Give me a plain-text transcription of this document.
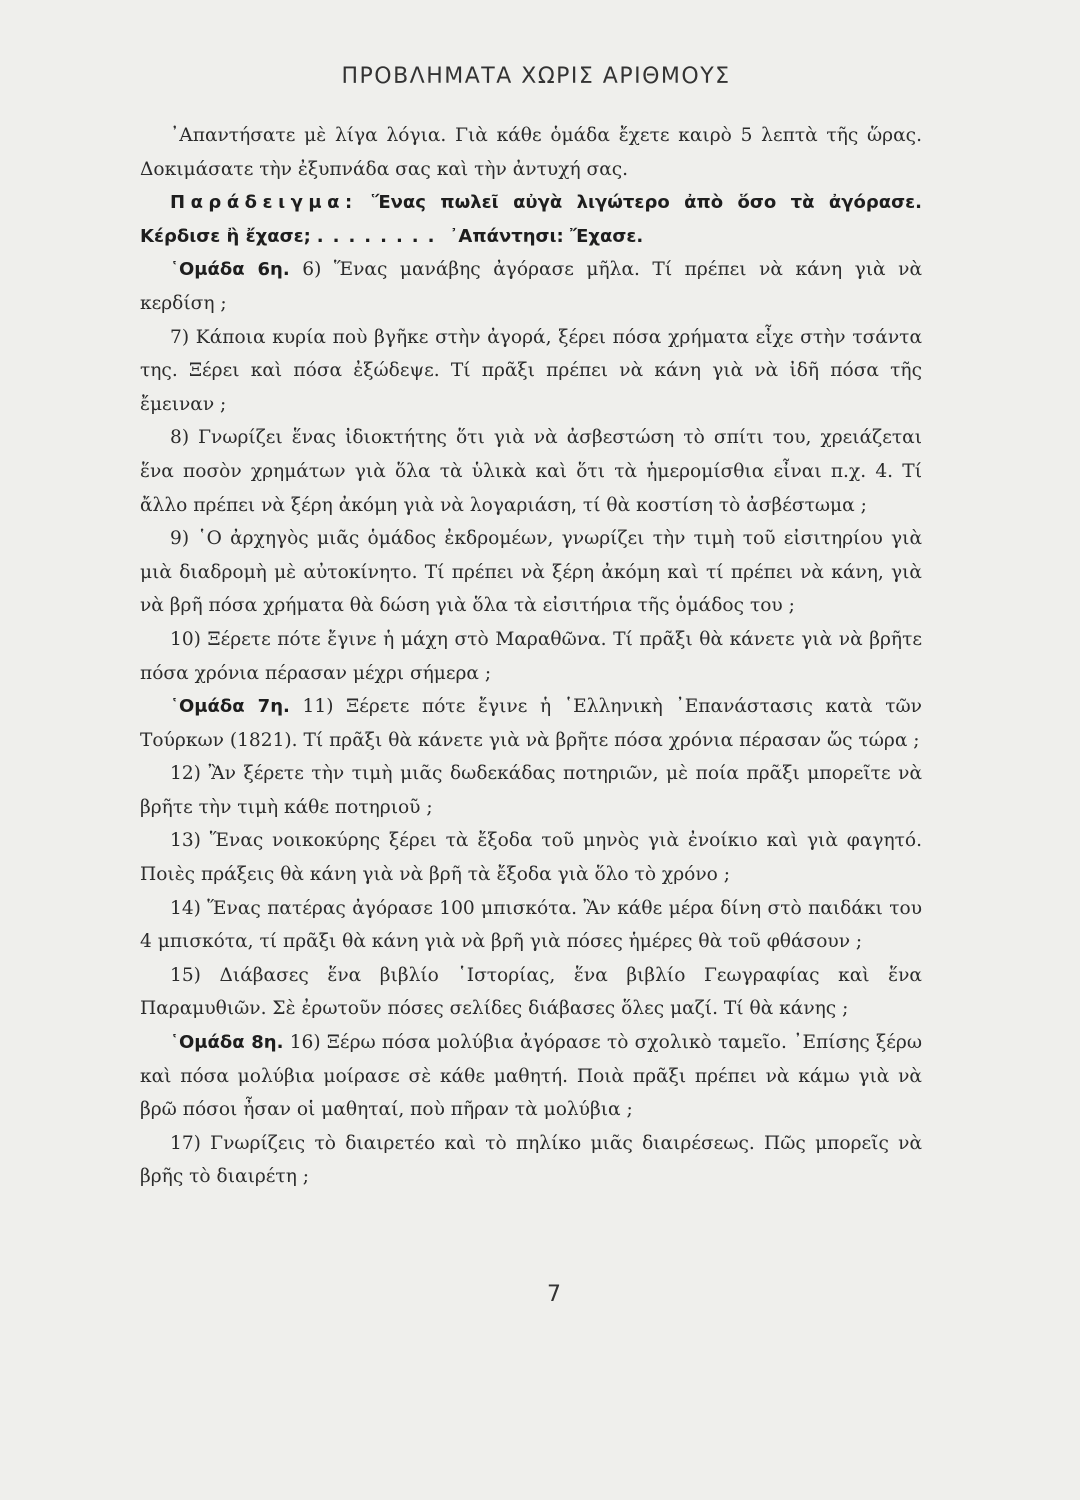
ΠΡΟΒΛΗΜΑΤΑ ΧΩΡΙΣ ΑΡΙΘΜΟΥΣ

᾽Απαντήσατε μὲ λίγα λόγια. Γιὰ κάθε ὁμάδα ἔχετε καιρὸ 5 λεπτὰ τῆς ὥρας. Δοκιμάσατε τὴν ἐξυπνάδα σας καὶ τὴν ἀντυχή σας.

Παράδειγμα: Ἕνας πωλεῖ αὐγὰ λιγώτερο ἀπὸ ὅσο τὰ ἀγόρασε. Κέρδισε ἢ ἔχασε; ........ ᾽Απάντησι: Ἔχασε.

῾Ομάδα 6η. 6) Ἕνας μανάβης ἀγόρασε μῆλα. Τί πρέπει νὰ κάνη γιὰ νὰ κερδίση ;

7) Κάποια κυρία ποὺ βγῆκε στὴν ἀγορά, ξέρει πόσα χρήματα εἶχε στὴν τσάντα της. Ξέρει καὶ πόσα ἐξώδεψε. Τί πρᾶξι πρέπει νὰ κάνη γιὰ νὰ ἰδῆ πόσα τῆς ἔμειναν ;

8) Γνωρίζει ἕνας ἰδιοκτήτης ὅτι γιὰ νὰ ἀσβεστώση τὸ σπίτι του, χρειάζεται ἕνα ποσὸν χρημάτων γιὰ ὅλα τὰ ὑλικὰ καὶ ὅτι τὰ ἡμερομίσθια εἶναι π.χ. 4. Τί ἄλλο πρέπει νὰ ξέρη ἀκόμη γιὰ νὰ λογαριάση, τί θὰ κοστίση τὸ ἀσβέστωμα ;

9) ῾Ο ἀρχηγὸς μιᾶς ὁμάδος ἐκδρομέων, γνωρίζει τὴν τιμὴ τοῦ εἰσιτηρίου γιὰ μιὰ διαδρομὴ μὲ αὐτοκίνητο. Τί πρέπει νὰ ξέρη ἀκόμη καὶ τί πρέπει νὰ κάνη, γιὰ νὰ βρῆ πόσα χρήματα θὰ δώση γιὰ ὅλα τὰ εἰσιτήρια τῆς ὁμάδος του ;

10) Ξέρετε πότε ἔγινε ἡ μάχη στὸ Μαραθῶνα. Τί πρᾶξι θὰ κάνετε γιὰ νὰ βρῆτε πόσα χρόνια πέρασαν μέχρι σήμερα ;

῾Ομάδα 7η. 11) Ξέρετε πότε ἔγινε ἡ ῾Ελληνικὴ ᾽Επανάστασις κατὰ τῶν Τούρκων (1821). Τί πρᾶξι θὰ κάνετε γιὰ νὰ βρῆτε πόσα χρόνια πέρασαν ὥς τώρα ;

12) Ἂν ξέρετε τὴν τιμὴ μιᾶς δωδεκάδας ποτηριῶν, μὲ ποία πρᾶξι μπορεῖτε νὰ βρῆτε τὴν τιμὴ κάθε ποτηριοῦ ;

13) Ἕνας νοικοκύρης ξέρει τὰ ἔξοδα τοῦ μηνὸς γιὰ ἐνοίκιο καὶ γιὰ φαγητό. Ποιὲς πράξεις θὰ κάνη γιὰ νὰ βρῆ τὰ ἔξοδα γιὰ ὅλο τὸ χρόνο ;

14) Ἕνας πατέρας ἀγόρασε 100 μπισκότα. Ἂν κάθε μέρα δίνη στὸ παιδάκι του 4 μπισκότα, τί πρᾶξι θὰ κάνη γιὰ νὰ βρῆ γιὰ πόσες ἡμέρες θὰ τοῦ φθάσουν ;

15) Διάβασες ἕνα βιβλίο ῾Ιστορίας, ἕνα βιβλίο Γεωγραφίας καὶ ἕνα Παραμυθιῶν. Σὲ ἐρωτοῦν πόσες σελίδες διάβασες ὅλες μαζί. Τί θὰ κάνης ;

῾Ομάδα 8η. 16) Ξέρω πόσα μολύβια ἀγόρασε τὸ σχολικὸ ταμεῖο. ᾽Επίσης ξέρω καὶ πόσα μολύβια μοίρασε σὲ κάθε μαθητή. Ποιὰ πρᾶξι πρέπει νὰ κάμω γιὰ νὰ βρῶ πόσοι ἦσαν οἱ μαθηταί, ποὺ πῆραν τὰ μολύβια ;

17) Γνωρίζεις τὸ διαιρετέο καὶ τὸ πηλίκο μιᾶς διαιρέσεως. Πῶς μπορεῖς νὰ βρῆς τὸ διαιρέτη ;

7
